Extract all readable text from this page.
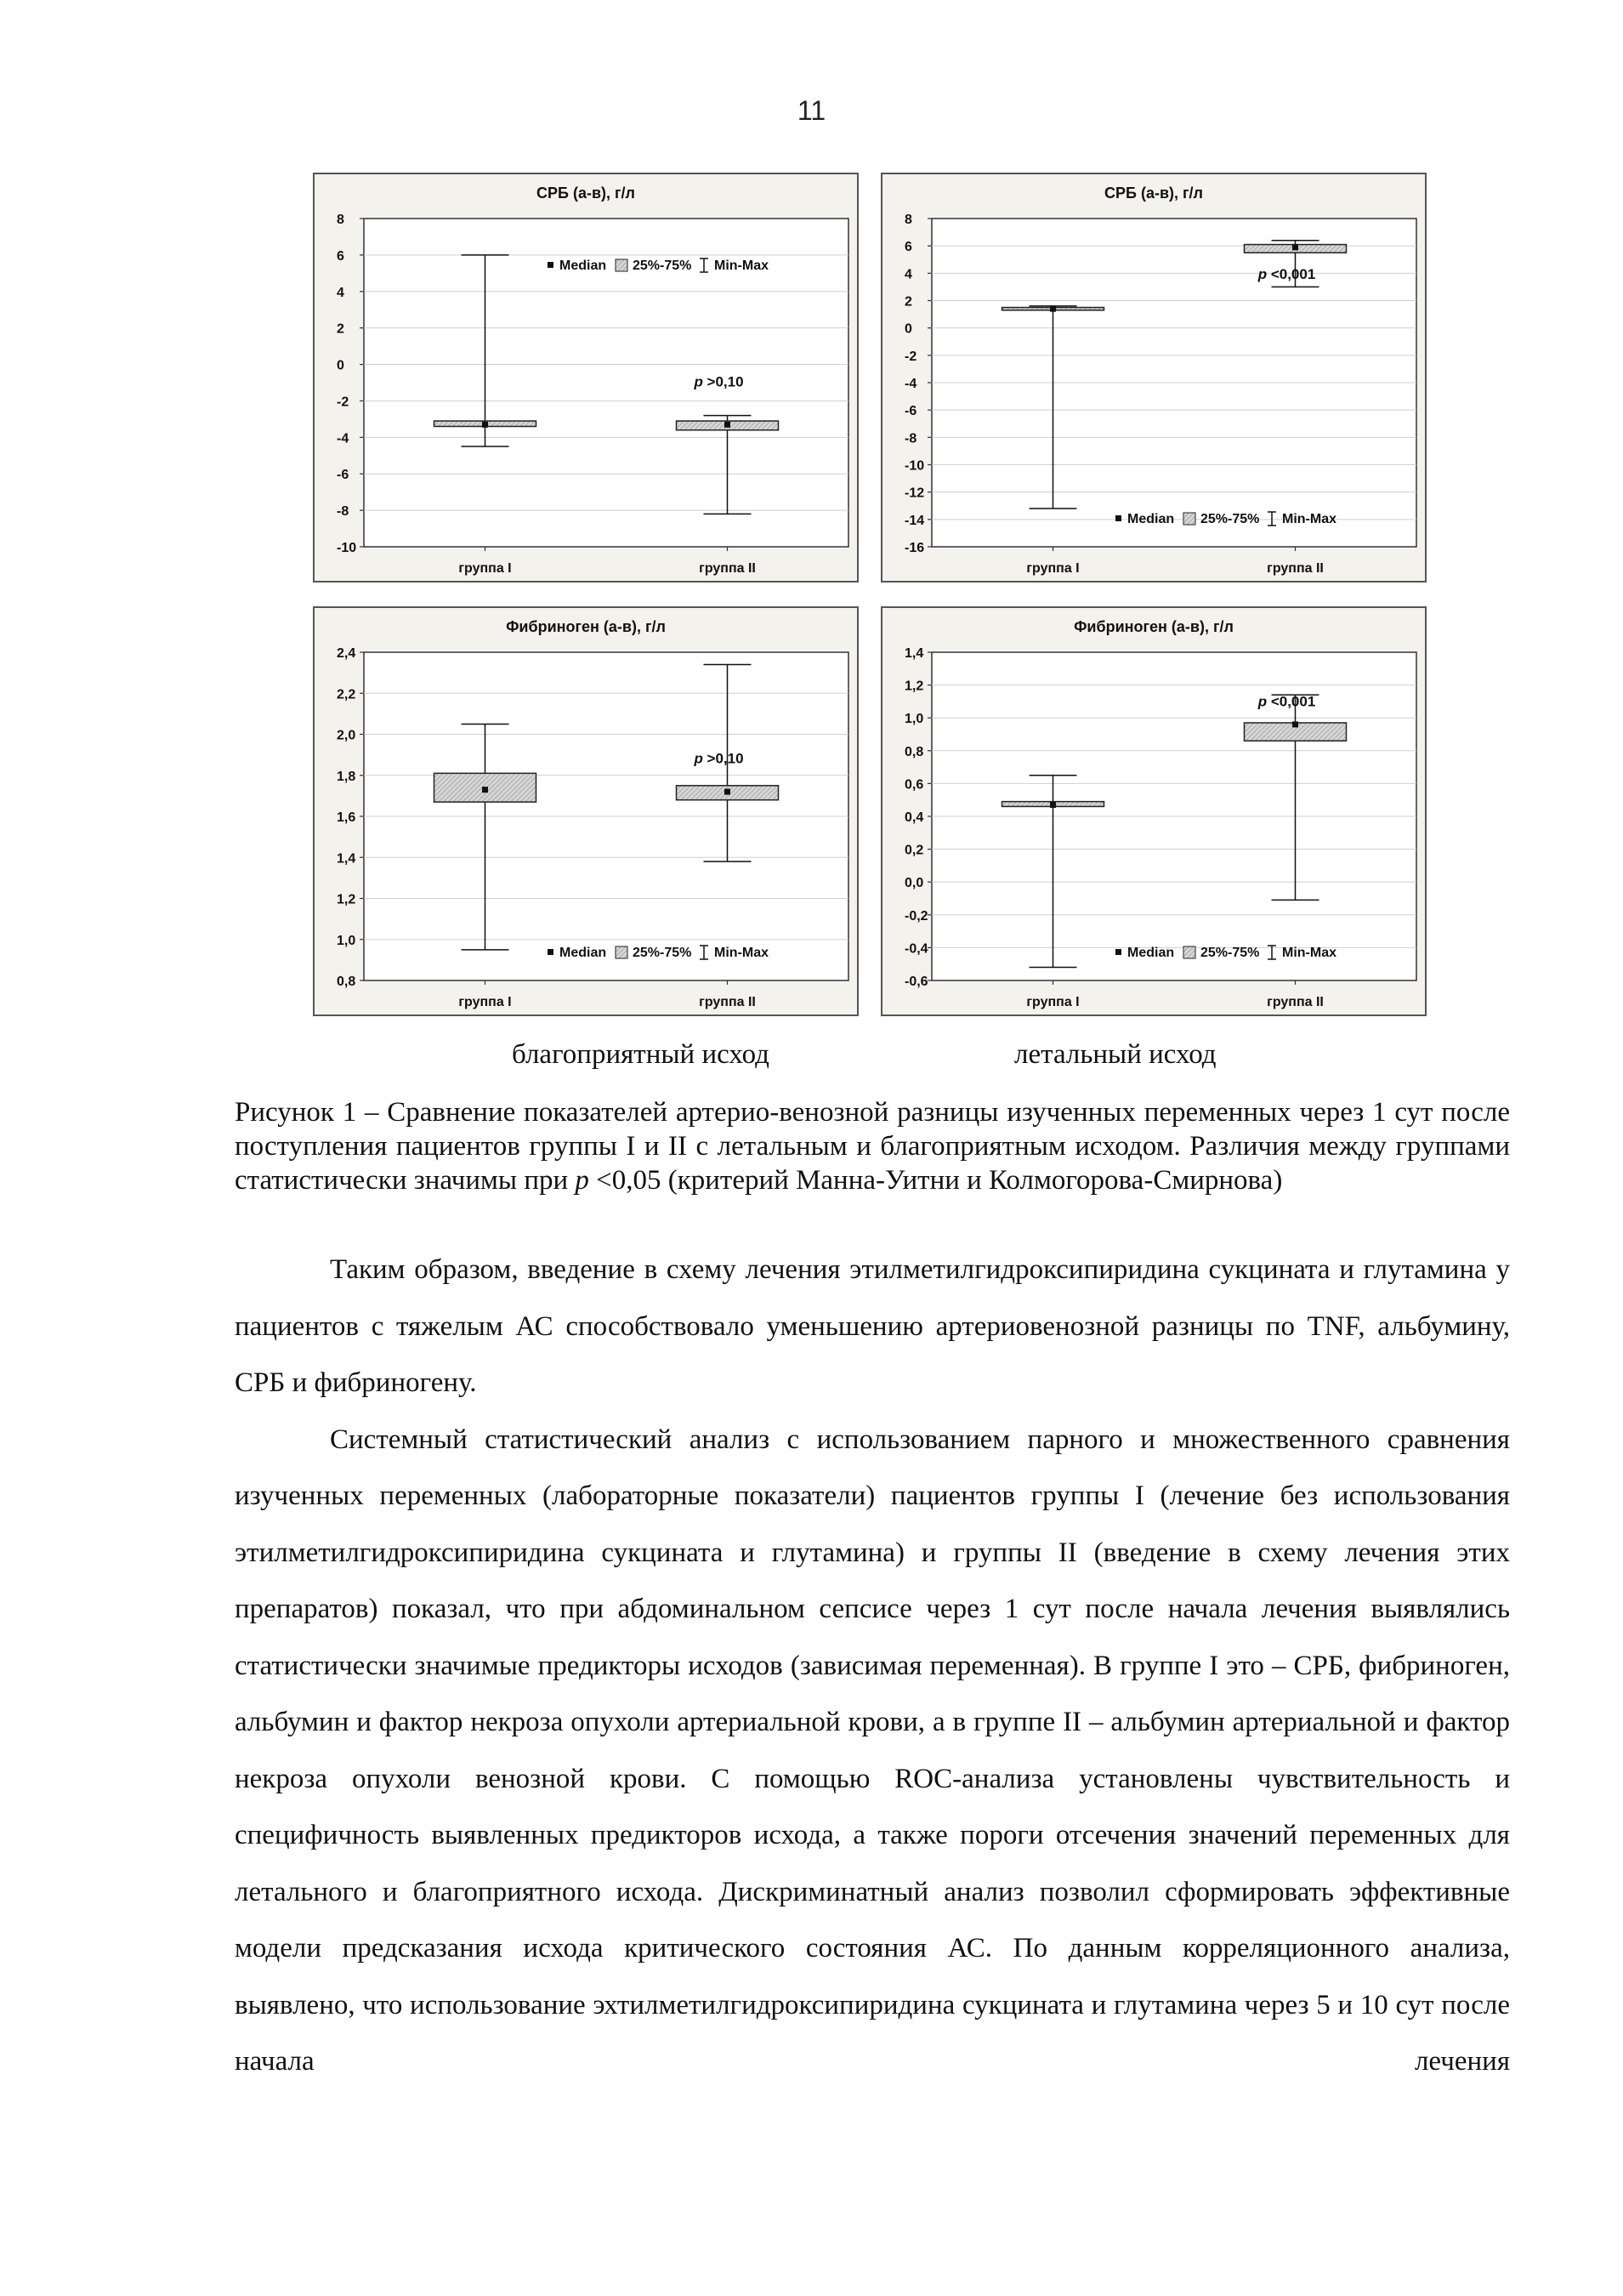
11
СРБ (а-в), г/л
8
6
4
2
0
-2
-4
-6
-8
-10
группа I	группа II
p >0,10
Median 25%-75% Min-Max
СРБ (а-в), г/л
8
6
4
2
0
-2
-4
-6
-8
-10
-12
-14
-16
группа I	группа II
p <0,001
Median 25%-75% Min-Max
Фибриноген (а-в), г/л
2,4
2,2
2,0
1,8
1,6
1,4
1,2
1,0
0,8
группа I	группа II
p >0,10
Median 25%-75% Min-Max
Фибриноген (а-в), г/л
1,4
1,2
1,0
0,8
0,6
0,4
0,2
0,0
-0,2
-0,4
-0,6
группа I	группа II
p <0,001
Median 25%-75% Min-Max
благоприятный исход	летальный исход

Рисунок 1 – Сравнение показателей артерио-венозной разницы изученных переменных через 1 сут после поступления пациентов группы I и II с летальным и благоприятным исходом. Различия между группами статистически значимы при p <0,05 (критерий Манна-Уитни и Колмогорова-Смирнова)

Таким образом, введение в схему лечения этилметилгидроксипиридина сукцината и глутамина у пациентов с тяжелым АС способствовало уменьшению артериовенозной разницы по TNF, альбумину, СРБ и фибриногену.

Системный статистический анализ с использованием парного и множественного сравнения изученных переменных (лабораторные показатели) пациентов группы I (лечение без использования этилметилгидроксипиридина сукцината и глутамина) и группы II (введение в схему лечения этих препаратов) показал, что при абдоминальном сепсисе через 1 сут после начала лечения выявлялись статистически значимые предикторы исходов (зависимая переменная). В группе I это – СРБ, фибриноген, альбумин и фактор некроза опухоли артериальной крови, а в группе II – альбумин артериальной и фактор некроза опухоли венозной крови. С помощью ROC-анализа установлены чувствительность и специфичность выявленных предикторов исхода, а также пороги отсечения значений переменных для летального и благоприятного исхода. Дискриминатный анализ позволил сформировать эффективные модели предсказания исхода критического состояния АС. По данным корреляционного анализа, выявлено, что использование эхтилметилгидроксипиридина сукцината и глутамина через 5 и 10 сут после начала лечения
